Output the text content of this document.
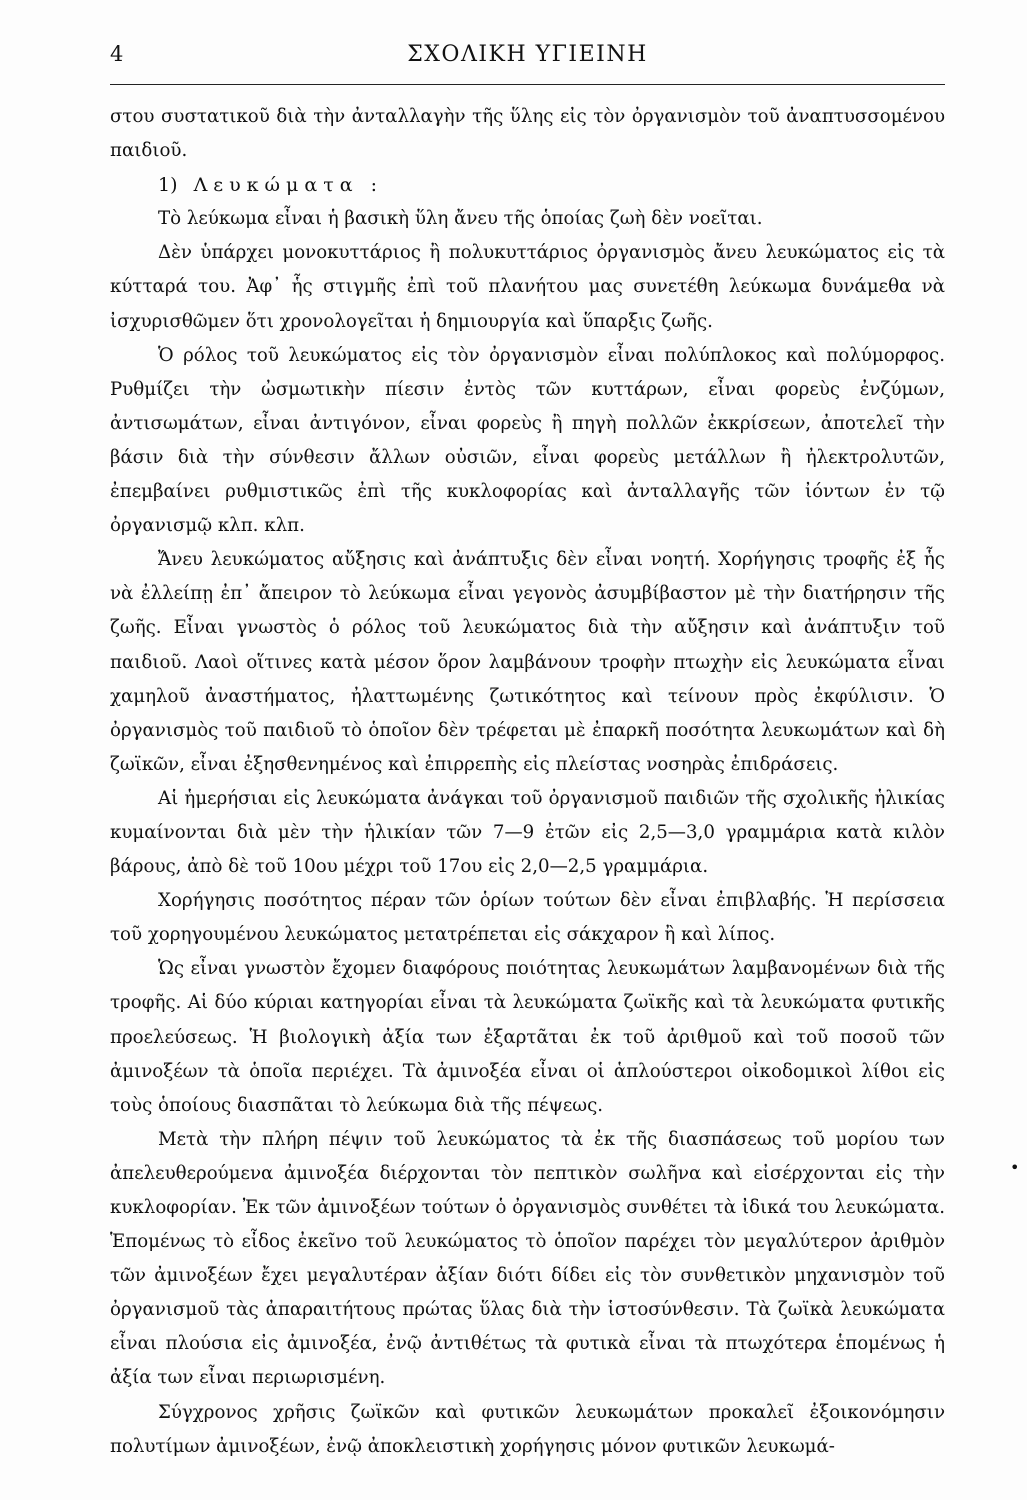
4	ΣΧΟΛΙΚΗ ΥΓΙΕΙΝΗ

στου συστατικοῦ διὰ τὴν ἀνταλλαγὴν τῆς ὕλης εἰς τὸν ὀργανισμὸν τοῦ ἀναπτυσσομένου παιδιοῦ.

1) Λευκώματα :

Τὸ λεύκωμα εἶναι ἡ βασικὴ ὕλη ἄνευ τῆς ὁποίας ζωὴ δὲν νοεῖται.

Δὲν ὑπάρχει μονοκυττάριος ἢ πολυκυττάριος ὀργανισμὸς ἄνευ λευκώματος εἰς τὰ κύτταρά του. Ἀφ᾽ ἧς στιγμῆς ἐπὶ τοῦ πλανήτου μας συνετέθη λεύκωμα δυνάμεθα νὰ ἰσχυρισθῶμεν ὅτι χρονολογεῖται ἡ δημιουργία καὶ ὕπαρξις ζωῆς.

Ὁ ρόλος τοῦ λευκώματος εἰς τὸν ὀργανισμὸν εἶναι πολύπλοκος καὶ πολύμορφος. Ρυθμίζει τὴν ὠσμωτικὴν πίεσιν ἐντὸς τῶν κυττάρων, εἶναι φορεὺς ἐνζύμων, ἀντισωμάτων, εἶναι ἀντιγόνον, εἶναι φορεὺς ἢ πηγὴ πολλῶν ἐκκρίσεων, ἀποτελεῖ τὴν βάσιν διὰ τὴν σύνθεσιν ἄλλων οὐσιῶν, εἶναι φορεὺς μετάλλων ἢ ἠλεκτρολυτῶν, ἐπεμβαίνει ρυθμιστικῶς ἐπὶ τῆς κυκλοφορίας καὶ ἀνταλλαγῆς τῶν ἰόντων ἐν τῷ ὀργανισμῷ κλπ. κλπ.

Ἄνευ λευκώματος αὔξησις καὶ ἀνάπτυξις δὲν εἶναι νοητή. Χορήγησις τροφῆς ἐξ ἧς νὰ ἐλλείπῃ ἐπ᾽ ἄπειρον τὸ λεύκωμα εἶναι γεγονὸς ἀσυμβίβαστον μὲ τὴν διατήρησιν τῆς ζωῆς. Εἶναι γνωστὸς ὁ ρόλος τοῦ λευκώματος διὰ τὴν αὔξησιν καὶ ἀνάπτυξιν τοῦ παιδιοῦ. Λαοὶ οἵτινες κατὰ μέσον ὅρον λαμβάνουν τροφὴν πτωχὴν εἰς λευκώματα εἶναι χαμηλοῦ ἀναστήματος, ἠλαττωμένης ζωτικότητος καὶ τείνουν πρὸς ἐκφύλισιν. Ὁ ὀργανισμὸς τοῦ παιδιοῦ τὸ ὁποῖον δὲν τρέφεται μὲ ἐπαρκῆ ποσότητα λευκωμάτων καὶ δὴ ζωϊκῶν, εἶναι ἐξησθενημένος καὶ ἐπιρρεπὴς εἰς πλείστας νοσηρὰς ἐπιδράσεις.

Αἱ ἡμερήσιαι εἰς λευκώματα ἀνάγκαι τοῦ ὀργανισμοῦ παιδιῶν τῆς σχολικῆς ἡλικίας κυμαίνονται διὰ μὲν τὴν ἡλικίαν τῶν 7—9 ἐτῶν εἰς 2,5—3,0 γραμμάρια κατὰ κιλὸν βάρους, ἀπὸ δὲ τοῦ 10ου μέχρι τοῦ 17ου εἰς 2,0—2,5 γραμμάρια.

Χορήγησις ποσότητος πέραν τῶν ὁρίων τούτων δὲν εἶναι ἐπιβλαβής. Ἡ περίσσεια τοῦ χορηγουμένου λευκώματος μετατρέπεται εἰς σάκχαρον ἢ καὶ λίπος.

Ὡς εἶναι γνωστὸν ἔχομεν διαφόρους ποιότητας λευκωμάτων λαμβανομένων διὰ τῆς τροφῆς. Αἱ δύο κύριαι κατηγορίαι εἶναι τὰ λευκώματα ζωϊκῆς καὶ τὰ λευκώματα φυτικῆς προελεύσεως. Ἡ βιολογικὴ ἀξία των ἐξαρτᾶται ἐκ τοῦ ἀριθμοῦ καὶ τοῦ ποσοῦ τῶν ἀμινοξέων τὰ ὁποῖα περιέχει. Τὰ ἀμινοξέα εἶναι οἱ ἁπλούστεροι οἰκοδομικοὶ λίθοι εἰς τοὺς ὁποίους διασπᾶται τὸ λεύκωμα διὰ τῆς πέψεως.

Μετὰ τὴν πλήρη πέψιν τοῦ λευκώματος τὰ ἐκ τῆς διασπάσεως τοῦ μορίου των ἀπελευθερούμενα ἀμινοξέα διέρχονται τὸν πεπτικὸν σωλῆνα καὶ εἰσέρχονται εἰς τὴν κυκλοφορίαν. Ἐκ τῶν ἀμινοξέων τούτων ὁ ὀργανισμὸς συνθέτει τὰ ἰδικά του λευκώματα. Ἑπομένως τὸ εἶδος ἐκεῖνο τοῦ λευκώματος τὸ ὁποῖον παρέχει τὸν μεγαλύτερον ἀριθμὸν τῶν ἀμινοξέων ἔχει μεγαλυτέραν ἀξίαν διότι δίδει εἰς τὸν συνθετικὸν μηχανισμὸν τοῦ ὀργανισμοῦ τὰς ἀπαραιτήτους πρώτας ὕλας διὰ τὴν ἱστοσύνθεσιν. Τὰ ζωϊκὰ λευκώματα εἶναι πλούσια εἰς ἀμινοξέα, ἐνῷ ἀντιθέτως τὰ φυτικὰ εἶναι τὰ πτωχότερα ἑπομένως ἡ ἀξία των εἶναι περιωρισμένη.

Σύγχρονος χρῆσις ζωϊκῶν καὶ φυτικῶν λευκωμάτων προκαλεῖ ἐξοικονόμησιν πολυτίμων ἀμινοξέων, ἐνῷ ἀποκλειστικὴ χορήγησις μόνον φυτικῶν λευκωμά-

•
